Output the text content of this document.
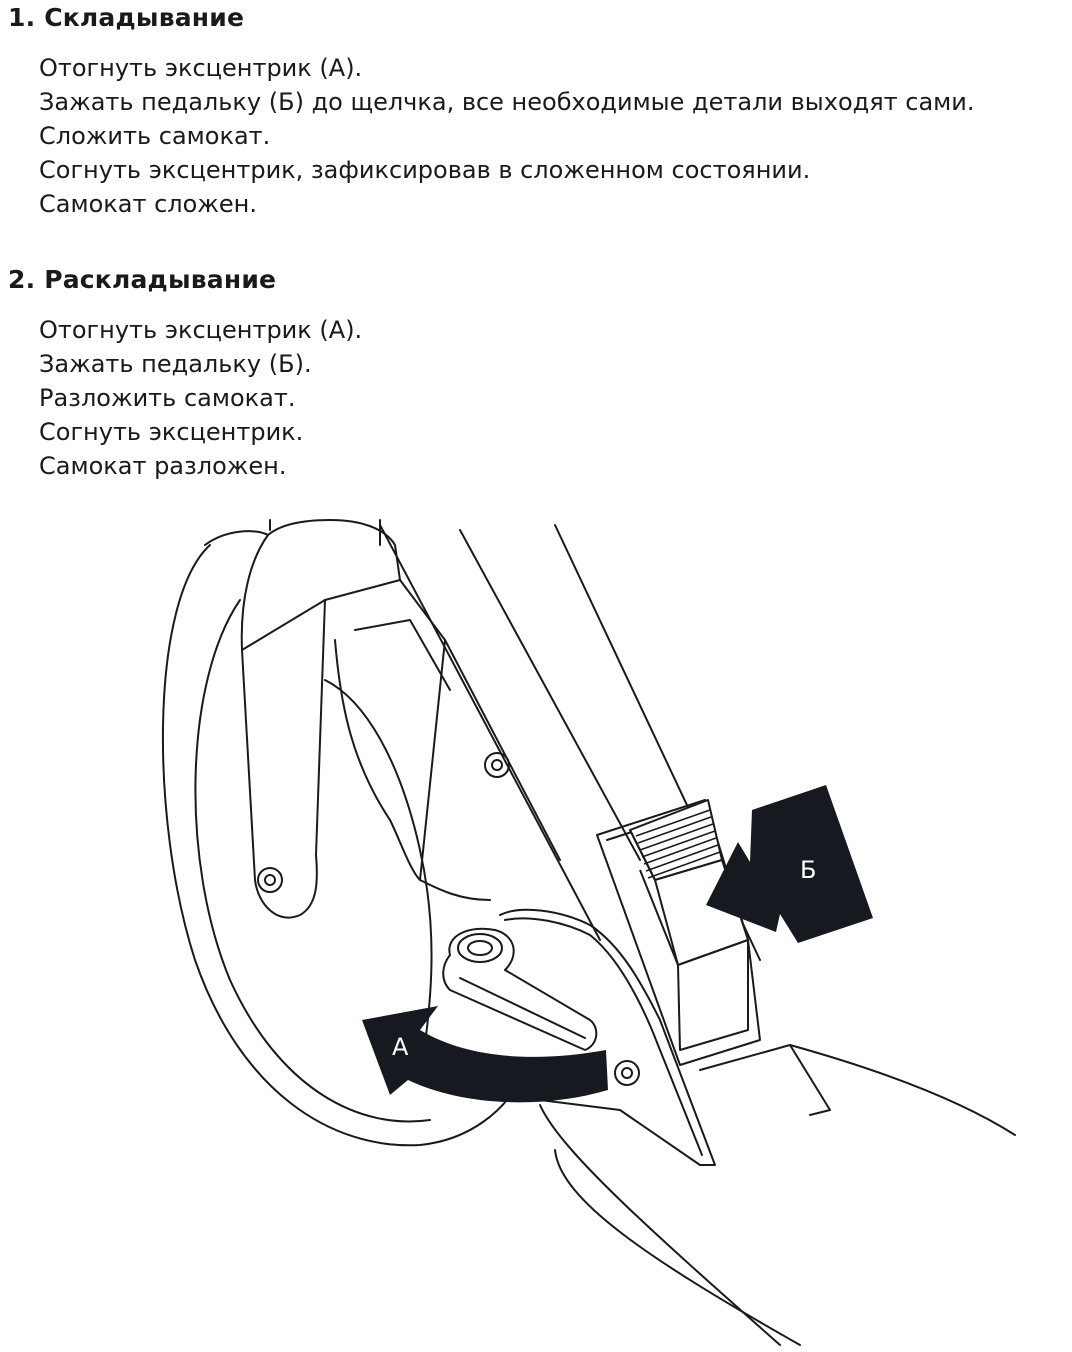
1. Складывание
Отогнуть эксцентрик (А).
Зажать педальку (Б) до щелчка, все необходимые детали выходят сами.
Сложить самокат.
Согнуть эксцентрик, зафиксировав в сложенном состоянии.
Самокат сложен.
2. Раскладывание
Отогнуть эксцентрик (А).
Зажать педальку (Б).
Разложить самокат.
Согнуть эксцентрик.
Самокат разложен.
А
Б
